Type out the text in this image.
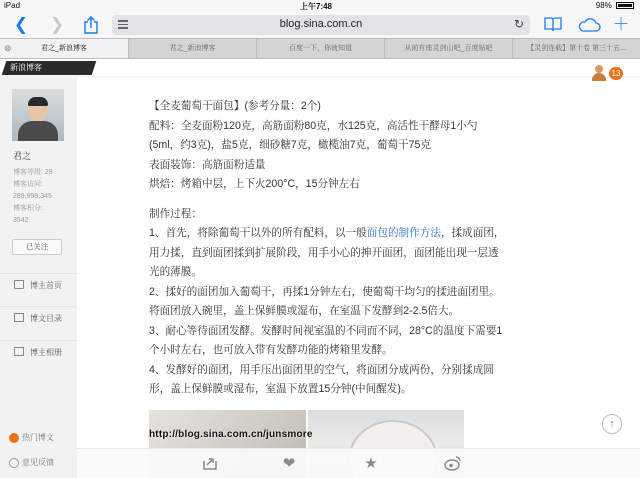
iPad	上午7:48	98%
❮ ❯	blog.sina.com.cn	↻	＋
⊗	君之_新浪博客	君之_新浪博客	百度一下，你就知道	从前有座灵剑山吧_百度贴吧	【灵剑连载】第十卷 第三十五...
新浪博客
君之
博客等级: 29
博客访问:
289,998,345
博客积分:
3542
已关注
博主首页
博文目录
博主相册
热门博文
意见反馈

【全麦葡萄干面包】(参考分量：2个)

配料：全麦面粉120克，高筋面粉80克，水125克，高活性干酵母1小勺

(5ml，约3克)，盐5克，细砂糖7克，橄榄油7克，葡萄干75克

表面装饰：高筋面粉适量

烘焙：烤箱中层，上下火200°C，15分钟左右

制作过程：

1、首先，将除葡萄干以外的所有配料，以一般面包的制作方法，揉成面团，

用力揉，直到面团揉到扩展阶段，用手小心的抻开面团，面团能出现一层透

光的薄膜。

2、揉好的面团加入葡萄干，再揉1分钟左右，使葡萄干均匀的揉进面团里。

将面团放入碗里，盖上保鲜膜或湿布，在室温下发酵到2-2.5倍大。

3、耐心等待面团发酵。发酵时间视室温的不同而不同，28°C的温度下需要1

个小时左右，也可放入带有发酵功能的烤箱里发酵。

4、发酵好的面团，用手压出面团里的空气，将面团分成两份，分别揉成圆

形，盖上保鲜膜或湿布，室温下放置15分钟(中间醒发)。

http://blog.sina.com.cn/junsmore
↑
13
❤	★
